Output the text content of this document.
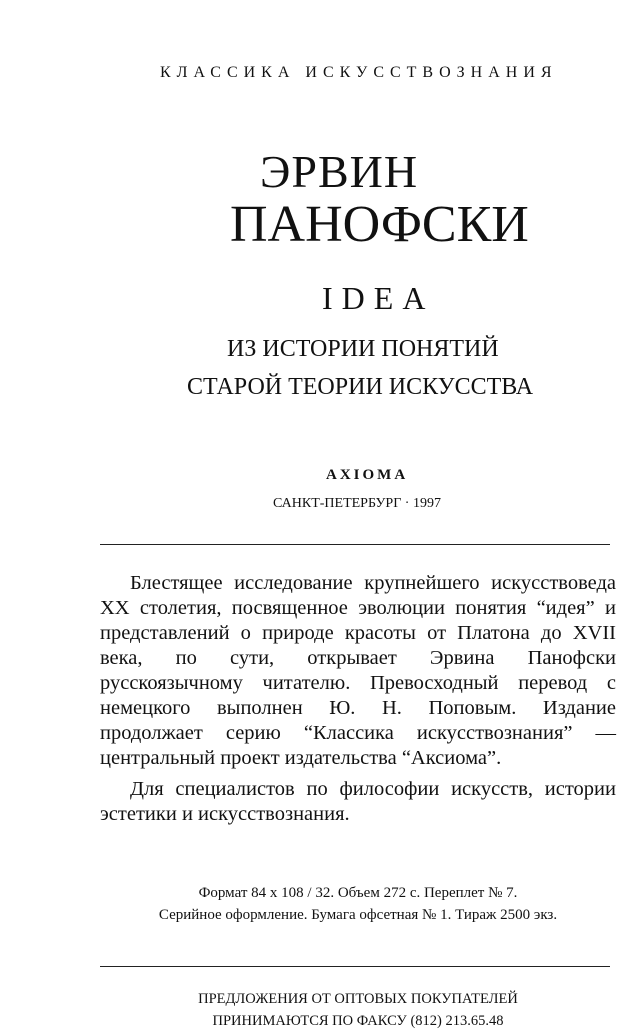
КЛАССИКА ИСКУССТВОЗНАНИЯ
ЭРВИН
ПАНОФСКИ
IDEA
ИЗ ИСТОРИИ ПОНЯТИЙ
СТАРОЙ ТЕОРИИ ИСКУССТВА
AXIOMA
САНКТ-ПЕТЕРБУРГ · 1997

Блестящее исследование крупнейшего искусствоведа XX столетия, посвященное эволюции понятия “идея” и представлений о природе красоты от Платона до XVII века, по сути, открывает Эрвина Панофски русскоязычному читателю. Превосходный перевод с немецкого выполнен Ю. Н. Поповым. Издание продолжает серию “Классика искусствознания” — центральный проект издательства “Аксиома”.

Для специалистов по философии искусств, истории эстетики и искусствознания.

Формат 84 x 108 / 32. Объем 272 с. Переплет № 7.
Серийное оформление. Бумага офсетная № 1. Тираж 2500 экз.
ПРЕДЛОЖЕНИЯ ОТ ОПТОВЫХ ПОКУПАТЕЛЕЙ
ПРИНИМАЮТСЯ ПО ФАКСУ (812) 213.65.48
